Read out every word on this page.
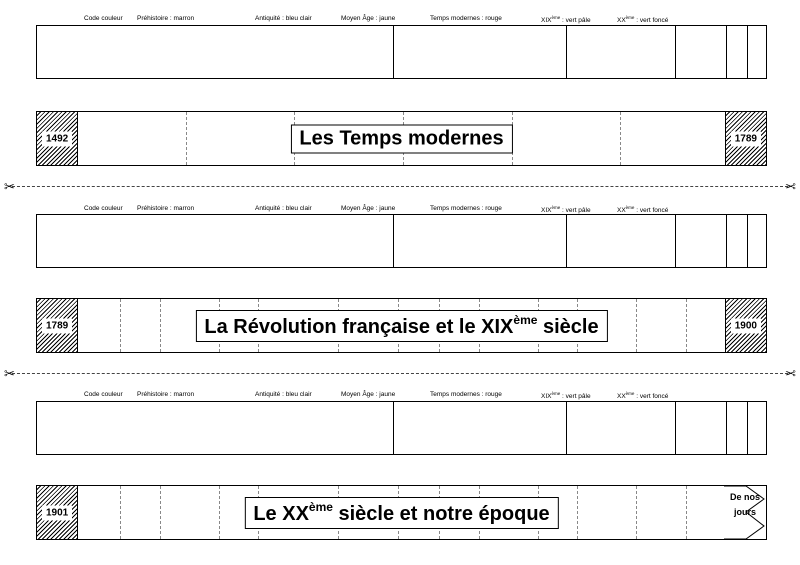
Code couleur Préhistoire : marron	Antiquité : bleu clair	Moyen Âge : jaune	Temps modernes : rouge	XIXème : vert pâle	XXème : vert foncé
1492	1789
Les Temps modernes
✂	✂
Code couleur Préhistoire : marron	Antiquité : bleu clair	Moyen Âge : jaune	Temps modernes : rouge	XIXème : vert pâle	XXème : vert foncé
1789	1900
La Révolution française et le XIXème siècle
✂	✂
Code couleur Préhistoire : marron	Antiquité : bleu clair	Moyen Âge : jaune	Temps modernes : rouge	XIXème : vert pâle	XXème : vert foncé
De nos jours
1901	Le XXème siècle et notre époque
